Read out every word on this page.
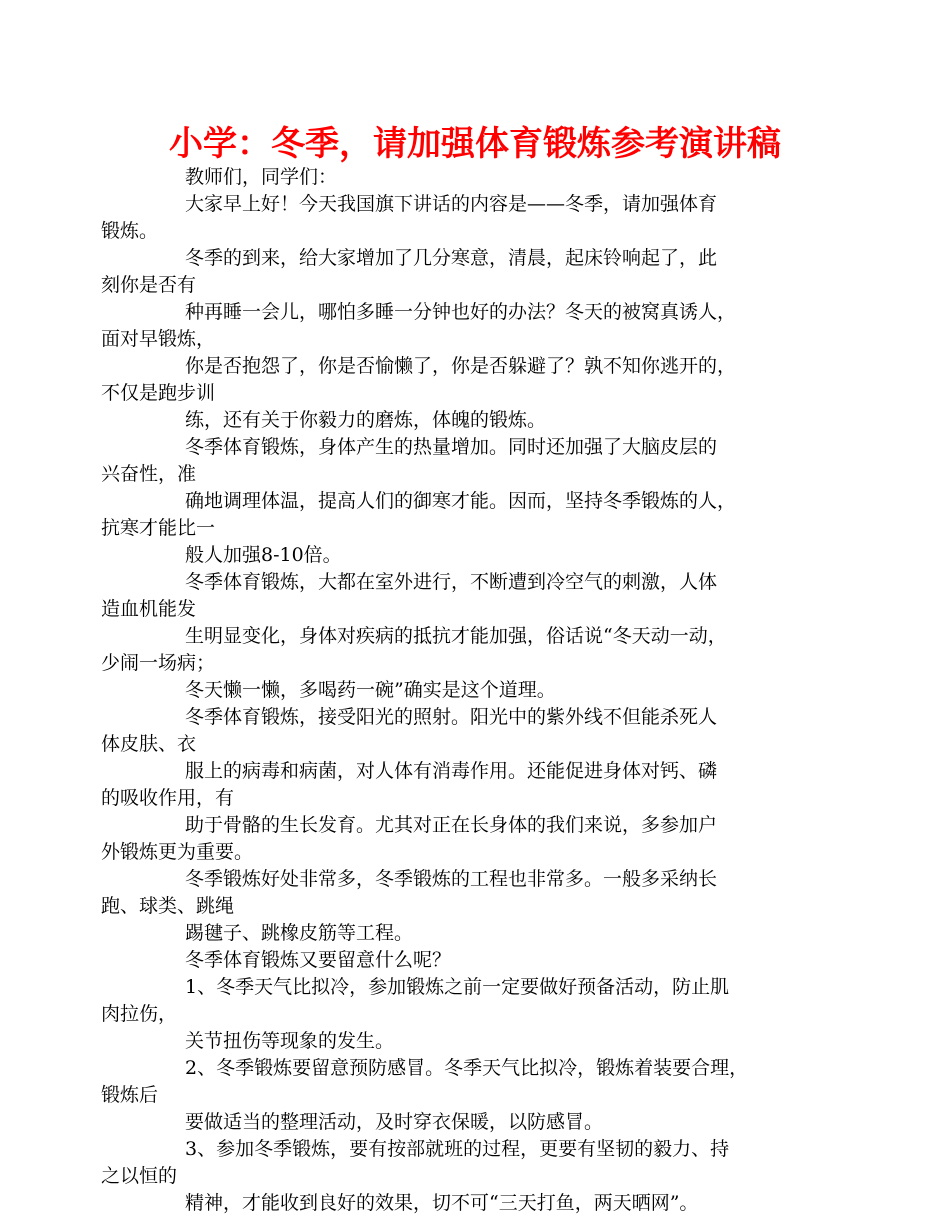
小学：冬季，请加强体育锻炼参考演讲稿

教师们，同学们：

大家早上好！今天我国旗下讲话的内容是——冬季，请加强体育
锻炼。

冬季的到来，给大家增加了几分寒意，清晨，起床铃响起了，此
刻你是否有

种再睡一会儿，哪怕多睡一分钟也好的办法？冬天的被窝真诱人，
面对早锻炼，

你是否抱怨了，你是否愉懒了，你是否躲避了？孰不知你逃开的，
不仅是跑步训

练，还有关于你毅力的磨炼，体魄的锻炼。

冬季体育锻炼，身体产生的热量增加。同时还加强了大脑皮层的
兴奋性，准

确地调理体温，提高人们的御寒才能。因而，坚持冬季锻炼的人，
抗寒才能比一

般人加强8-10倍。

冬季体育锻炼，大都在室外进行，不断遭到冷空气的刺激，人体
造血机能发

生明显变化，身体对疾病的抵抗才能加强，俗话说“冬天动一动，
少闹一场病；

冬天懒一懒，多喝药一碗”确实是这个道理。

冬季体育锻炼，接受阳光的照射。阳光中的紫外线不但能杀死人
体皮肤、衣

服上的病毒和病菌，对人体有消毒作用。还能促进身体对钙、磷
的吸收作用，有

助于骨骼的生长发育。尤其对正在长身体的我们来说，多参加户
外锻炼更为重要。

冬季锻炼好处非常多，冬季锻炼的工程也非常多。一般多采纳长
跑、球类、跳绳

踢毽子、跳橡皮筋等工程。

冬季体育锻炼又要留意什么呢？

1、冬季天气比拟冷，参加锻炼之前一定要做好预备活动，防止肌
肉拉伤，

关节扭伤等现象的发生。

2、冬季锻炼要留意预防感冒。冬季天气比拟冷，锻炼着装要合理，
锻炼后

要做适当的整理活动，及时穿衣保暖，以防感冒。

3、参加冬季锻炼，要有按部就班的过程，更要有坚韧的毅力、持
之以恒的

精神，才能收到良好的效果，切不可“三天打鱼，两天晒网”。
